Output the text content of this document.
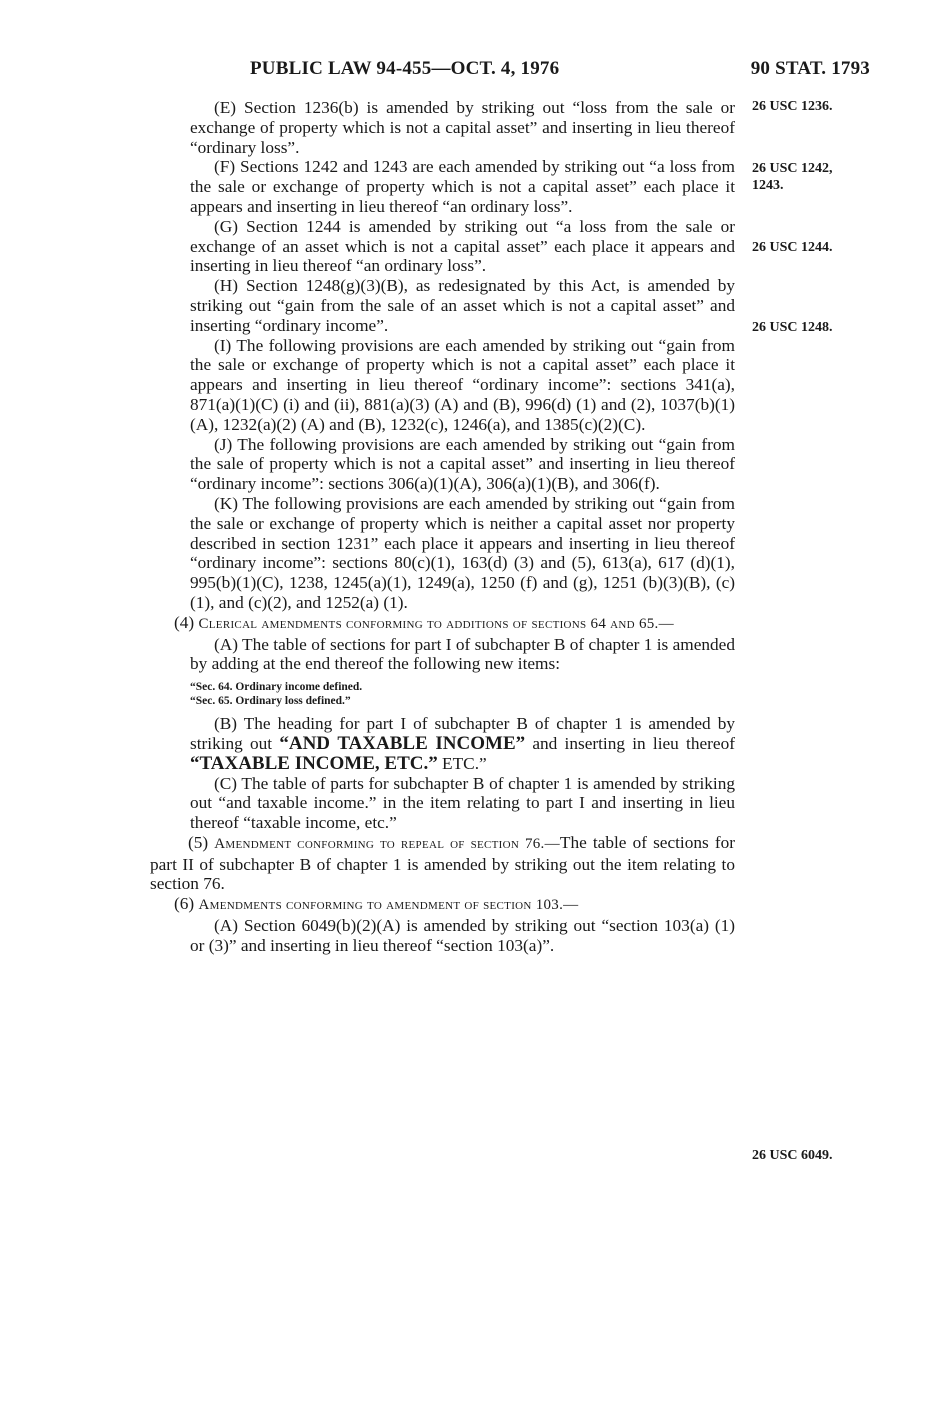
PUBLIC LAW 94-455—OCT. 4, 1976	90 STAT. 1793

(E) Section 1236(b) is amended by striking out “loss from the sale or exchange of property which is not a capital asset” and inserting in lieu thereof “ordinary loss”.

(F) Sections 1242 and 1243 are each amended by striking out “a loss from the sale or exchange of property which is not a capital asset” each place it appears and inserting in lieu thereof “an ordinary loss”.

(G) Section 1244 is amended by striking out “a loss from the sale or exchange of an asset which is not a capital asset” each place it appears and inserting in lieu thereof “an ordinary loss”.

(H) Section 1248(g)(3)(B), as redesignated by this Act, is amended by striking out “gain from the sale of an asset which is not a capital asset” and inserting “ordinary income”.

(I) The following provisions are each amended by striking out “gain from the sale or exchange of property which is not a capital asset” each place it appears and inserting in lieu thereof “ordinary income”: sections 341(a), 871(a)(1)(C) (i) and (ii), 881(a)(3) (A) and (B), 996(d) (1) and (2), 1037(b)(1)(A), 1232(a)(2) (A) and (B), 1232(c), 1246(a), and 1385(c)(2)(C).

(J) The following provisions are each amended by striking out “gain from the sale of property which is not a capital asset” and inserting in lieu thereof “ordinary income”: sections 306(a)(1)(A), 306(a)(1)(B), and 306(f).

(K) The following provisions are each amended by striking out “gain from the sale or exchange of property which is neither a capital asset nor property described in section 1231” each place it appears and inserting in lieu thereof “ordinary income”: sections 80(c)(1), 163(d) (3) and (5), 613(a), 617 (d)(1), 995(b)(1)(C), 1238, 1245(a)(1), 1249(a), 1250 (f) and (g), 1251 (b)(3)(B), (c)(1), and (c)(2), and 1252(a) (1).

(4) Clerical amendments conforming to additions of sections 64 and 65.—

(A) The table of sections for part I of subchapter B of chapter 1 is amended by adding at the end thereof the following new items:

“Sec. 64. Ordinary income defined.
“Sec. 65. Ordinary loss defined.”

(B) The heading for part I of subchapter B of chapter 1 is amended by striking out “AND TAXABLE INCOME” and inserting in lieu thereof “TAXABLE INCOME, ETC.” ETC.”

(C) The table of parts for subchapter B of chapter 1 is amended by striking out “and taxable income.” in the item relating to part I and inserting in lieu thereof “taxable income, etc.”

(5) Amendment conforming to repeal of section 76.—The table of sections for part II of subchapter B of chapter 1 is amended by striking out the item relating to section 76.

(6) Amendments conforming to amendment of section 103.—

(A) Section 6049(b)(2)(A) is amended by striking out “section 103(a) (1) or (3)” and inserting in lieu thereof “section 103(a)”.

26 USC 1236.
26 USC 1242,
1243.
26 USC 1244.
26 USC 1248.
26 USC 6049.
